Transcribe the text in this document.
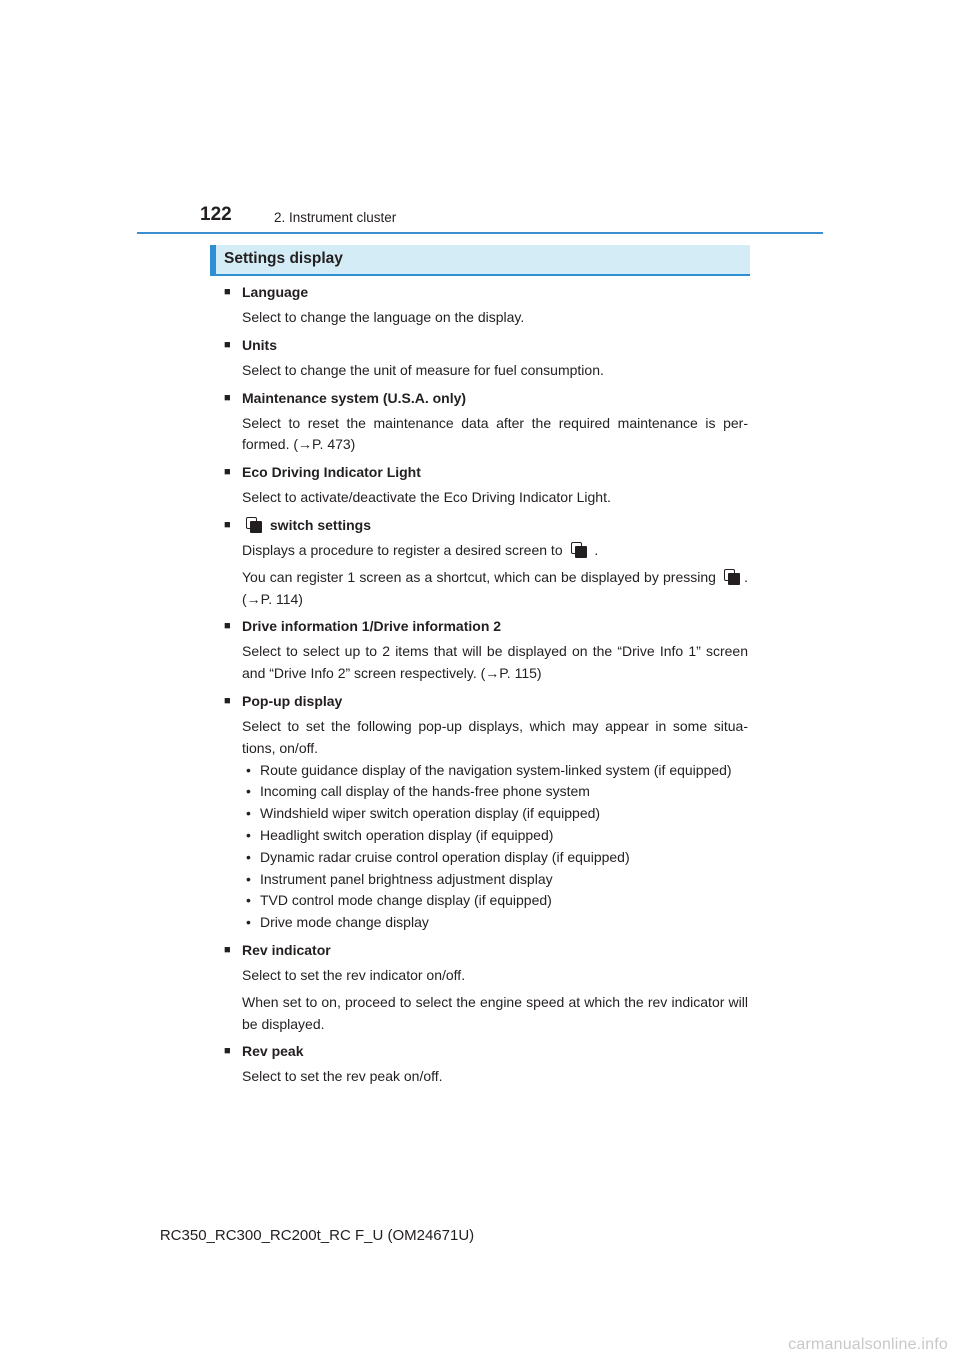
122	2. Instrument cluster
Settings display
■ Language
Select to change the language on the display.
■ Units
Select to change the unit of measure for fuel consumption.
■ Maintenance system (U.S.A. only)
Select to reset the maintenance data after the required maintenance is per-formed. (→P. 473)
■ Eco Driving Indicator Light
Select to activate/deactivate the Eco Driving Indicator Light.
■
	switch settings
Displays a procedure to register a desired screen to .
You can register 1 screen as a shortcut, which can be displayed by pressing . (→P. 114)
■ Drive information 1/Drive information 2
Select to select up to 2 items that will be displayed on the “Drive Info 1” screen and “Drive Info 2” screen respectively. (→P. 115)
■ Pop-up display
Select to set the following pop-up displays, which may appear in some situa-tions, on/off.
• Route guidance display of the navigation system-linked system (if equipped)
• Incoming call display of the hands-free phone system
• Windshield wiper switch operation display (if equipped)
• Headlight switch operation display (if equipped)
• Dynamic radar cruise control operation display (if equipped)
• Instrument panel brightness adjustment display
• TVD control mode change display (if equipped)
• Drive mode change display
■ Rev indicator
Select to set the rev indicator on/off.
When set to on, proceed to select the engine speed at which the rev indicator will be displayed.
■ Rev peak
Select to set the rev peak on/off.
RC350_RC300_RC200t_RC F_U (OM24671U)
carmanualsonline.info
